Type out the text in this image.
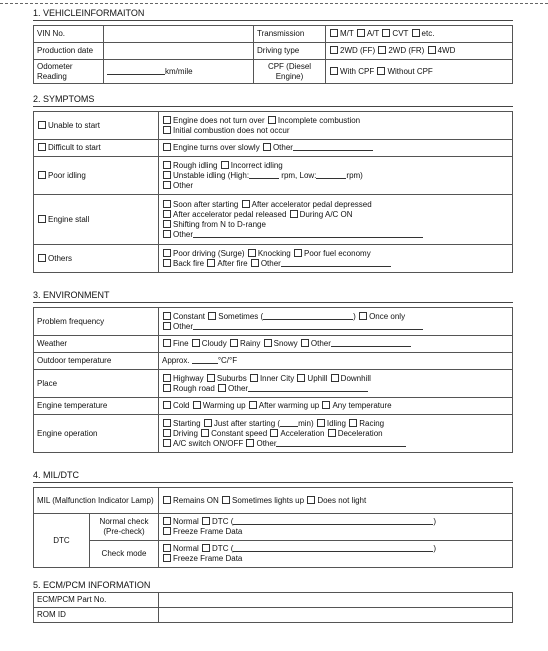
1. VEHICLEINFORMAITON
VIN No.		Transmission	M/T A/T CVT etc.
Production date		Driving type	2WD (FF) 2WD (FR) 4WD
Odometer Reading	km/mile	CPF (Diesel Engine)	With CPF Without CPF
2. SYMPTOMS
Unable to start	Engine does not turn over Incomplete combustion
Initial combustion does not occur
Difficult to start	Engine turns over slowly Other
Poor idling	Rough idling Incorrect idling
Unstable idling (High: rpm, Low: rpm)
Other
Engine stall	Soon after starting After accelerator pedal depressed
After accelerator pedal released During A/C ON
Shifting from N to D-range
Other
Others	Poor driving (Surge) Knocking Poor fuel economy
Back fire After fire Other
3. ENVIRONMENT
Problem frequency	Constant Sometimes ( ) Once only
Other
Weather	Fine Cloudy Rainy Snowy Other
Outdoor temperature	Approx. °C/°F
Place	Highway Suburbs Inner City Uphill Downhill
Rough road Other
Engine temperature	Cold Warming up After warming up Any temperature
Engine operation	Starting Just after starting ( min) Idling Racing
Driving Constant speed Acceleration Deceleration
A/C switch ON/OFF Other
4. MIL/DTC
MIL (Malfunction Indicator Lamp)		Remains ON Sometimes lights up Does not light
DTC	Normal check (Pre-check)	Normal DTC ( )
Freeze Frame Data
	Check mode	Normal DTC ( )
Freeze Frame Data
5. ECM/PCM INFORMATION
ECM/PCM Part No.	
ROM ID	
